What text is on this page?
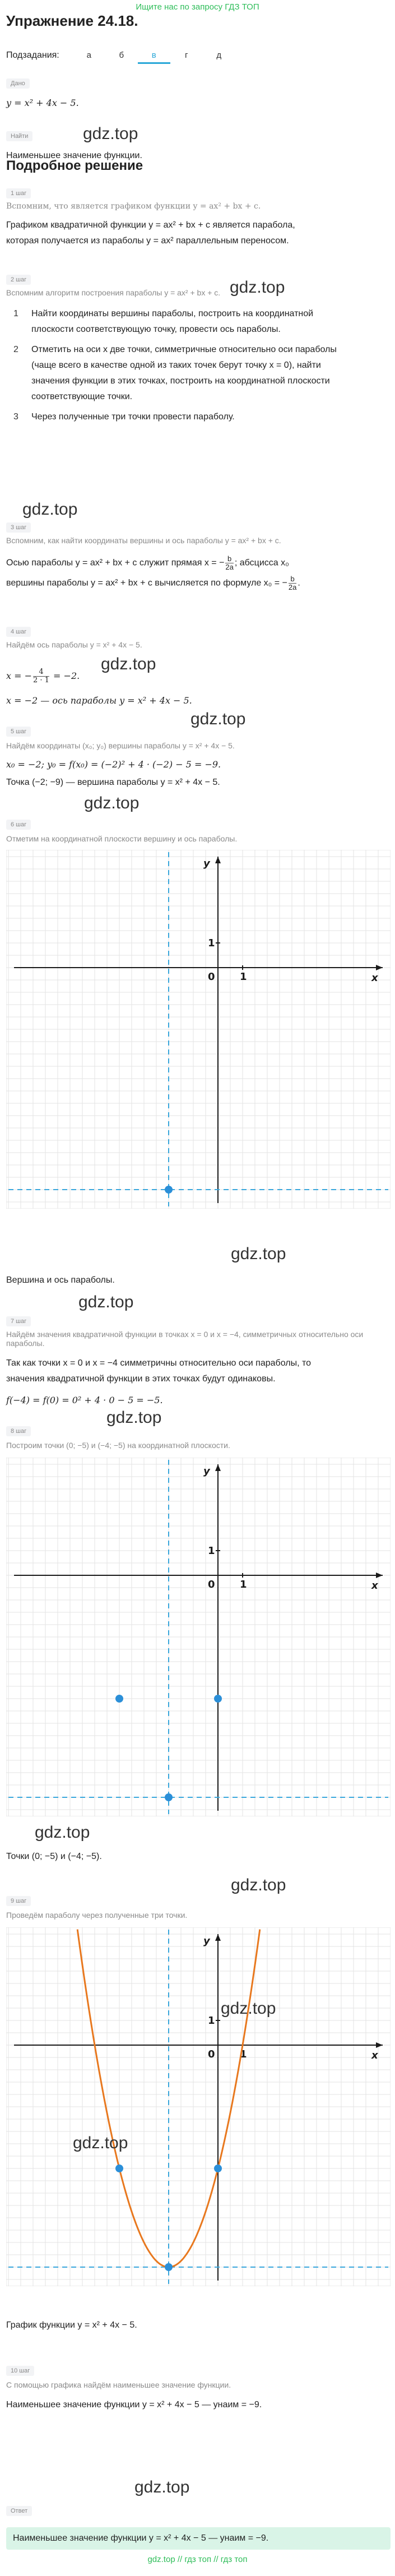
Ищите нас по запросу ГДЗ ТОП
Упражнение 24.18.
Подзадания:	а	б	в	г	д
Дано
y = x² + 4x − 5.
Найти
Наименьшее значение функции.
gdz.top
Подробное решение
1 шаг
Вспомним, что является графиком функции y = ax² + bx + c.
Графиком квадратичной функции y = ax² + bx + c является парабола,
которая получается из параболы y = ax² параллельным переносом.
gdz.top
2 шаг
Вспомним алгоритм построения параболы y = ax² + bx + c.
1	Найти координаты вершины параболы, построить на координатной
плоскости соответствующую точку, провести ось параболы.
2	Отметить на оси x две точки, симметричные относительно оси параболы
(чаще всего в качестве одной из таких точек берут точку x = 0), найти
значения функции в этих точках, построить на координатной плоскости
соответствующие точки.
3	Через полученные три точки провести параболу.
gdz.top
3 шаг
Вспомним, как найти координаты вершины и ось параболы y = ax² + bx + c.
Осью параболы y = ax² + bx + c служит прямая x = − $\frac{b}{2a}$ ; абсцисса x₀
вершины параболы y = ax² + bx + c вычисляется по формуле x₀ = − $\frac{b}{2a}$ .
4 шаг
Найдём ось параболы y = x² + 4x − 5.
gdz.top
x = − $\frac{4}{2 \cdot 1} = -2$.
x = −2 — ось параболы y = x² + 4x − 5.
gdz.top
5 шаг
Найдём координаты (x₀; y₀) вершины параболы y = x² + 4x − 5.
x₀ = −2; y₀ = f(x₀) = (−2)² + 4 · (−2) − 5 = −9.
Точка (−2; −9) — вершина параболы y = x² + 4x − 5.
gdz.top
6 шаг
Отметим на координатной плоскости вершину и ось параболы.
x
y
0 1
1
gdz.top
Вершина и ось параболы.
gdz.top
7 шаг
Найдём значения квадратичной функции в точках x = 0 и x = −4, симметричных относительно оси параболы.
Так как точки x = 0 и x = −4 симметричны относительно оси параболы, то
значения квадратичной функции в этих точках будут одинаковы.
f(−4) = f(0) = 0² + 4 · 0 − 5 = −5.
gdz.top
8 шаг
Построим точки (0; −5) и (−4; −5) на координатной плоскости.
x
y
0 1
1
gdz.top
Точки (0; −5) и (−4; −5).
gdz.top
9 шаг
Проведём параболу через полученные три точки.
x
y
0 1
1
gdz.top
gdz.top
График функции y = x² + 4x − 5.
10 шаг
С помощью графика найдём наименьшее значение функции.
Наименьшее значение функции y = x² + 4x − 5 — yнаим = −9.
gdz.top
Ответ
Наименьшее значение функции y = x² + 4x − 5 — yнаим = −9.
gdz.top // гдз топ // гдз топ
